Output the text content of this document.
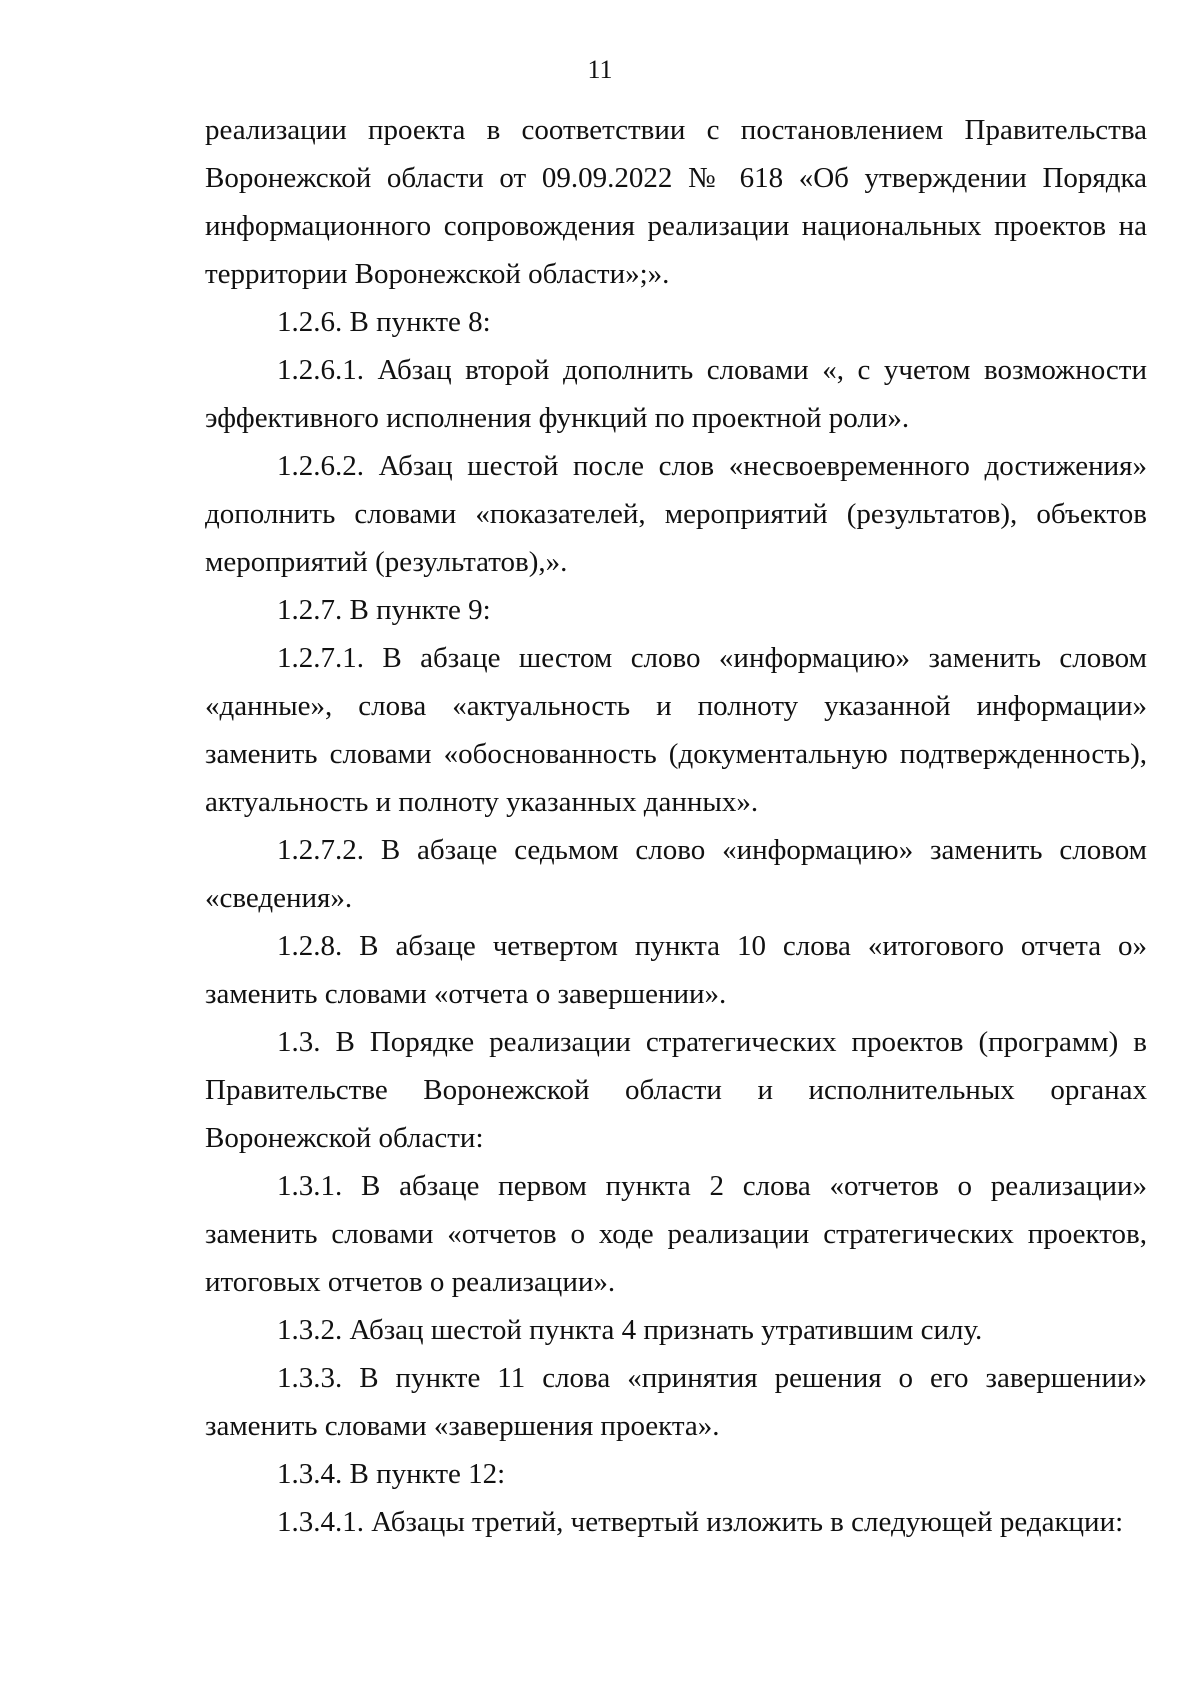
11

реализации проекта в соответствии с постановлением Правительства Воронежской области от 09.09.2022 № 618 «Об утверждении Порядка информационного сопровождения реализации национальных проектов на территории Воронежской области»;».

1.2.6. В пункте 8:

1.2.6.1. Абзац второй дополнить словами «, с учетом возможности эффективного исполнения функций по проектной роли».

1.2.6.2. Абзац шестой после слов «несвоевременного достижения» дополнить словами «показателей, мероприятий (результатов), объектов мероприятий (результатов),».

1.2.7. В пункте 9:

1.2.7.1. В абзаце шестом слово «информацию» заменить словом «данные», слова «актуальность и полноту указанной информации» заменить словами «обоснованность (документальную подтвержденность), актуальность и полноту указанных данных».

1.2.7.2. В абзаце седьмом слово «информацию» заменить словом «сведения».

1.2.8. В абзаце четвертом пункта 10 слова «итогового отчета о» заменить словами «отчета о завершении».

1.3. В Порядке реализации стратегических проектов (программ) в Правительстве Воронежской области и исполнительных органах Воронежской области:

1.3.1. В абзаце первом пункта 2 слова «отчетов о реализации» заменить словами «отчетов о ходе реализации стратегических проектов, итоговых отчетов о реализации».

1.3.2. Абзац шестой пункта 4 признать утратившим силу.

1.3.3. В пункте 11 слова «принятия решения о его завершении» заменить словами «завершения проекта».

1.3.4. В пункте 12:

1.3.4.1. Абзацы третий, четвертый изложить в следующей редакции:
